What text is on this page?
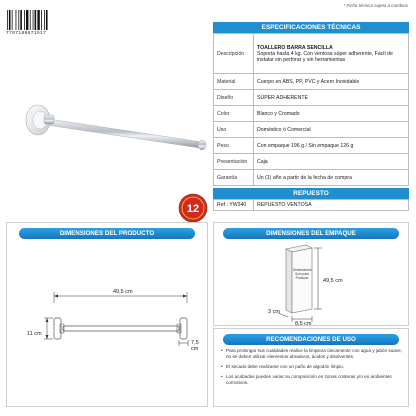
* Ficha técnica sujeta a cambios
7707180671517
12
ESPECIFICACIONES TÉCNICAS
Descripción	TOALLERO BARRA SENCILLA
Soporta hasta 4 kg. Con ventosa súper adherente, Fácil de instalar sin perforar y sin herramientas

Material	Cuerpo en ABS, PP, PVC y Acero Inoxidable
Diseño	SÚPER ADHERENTE
Color	Blanco y Cromado
Uso	Doméstico ó Comercial
Peso	Con empaque 196 g / Sin empaque 126 g
Presentación	Caja
Garantía	Un (1) año a partir de la fecha de compra
REPUESTO
Ref.: YW340	REPUESTO VENTOSA
DIMENSIONES DEL PRODUCTO
49,5 cm
11 cm
7,5 cm
DIMENSIONES DEL EMPAQUE
Dimensiones Solo para Producto
49,5 cm
3 cm
8,5 cm
RECOMENDACIONES DE USO
• Para prolongar sus cualidades realice la limpieza únicamente con agua y jabón suave, no se deben utilizar elementos abrasivos, ácidos y disolventes.
• El secado debe realizarse con un paño de algodón limpio.
• Los acabados pueden variar su composición en zonas costeras y/o en ambientes corrosivos.
